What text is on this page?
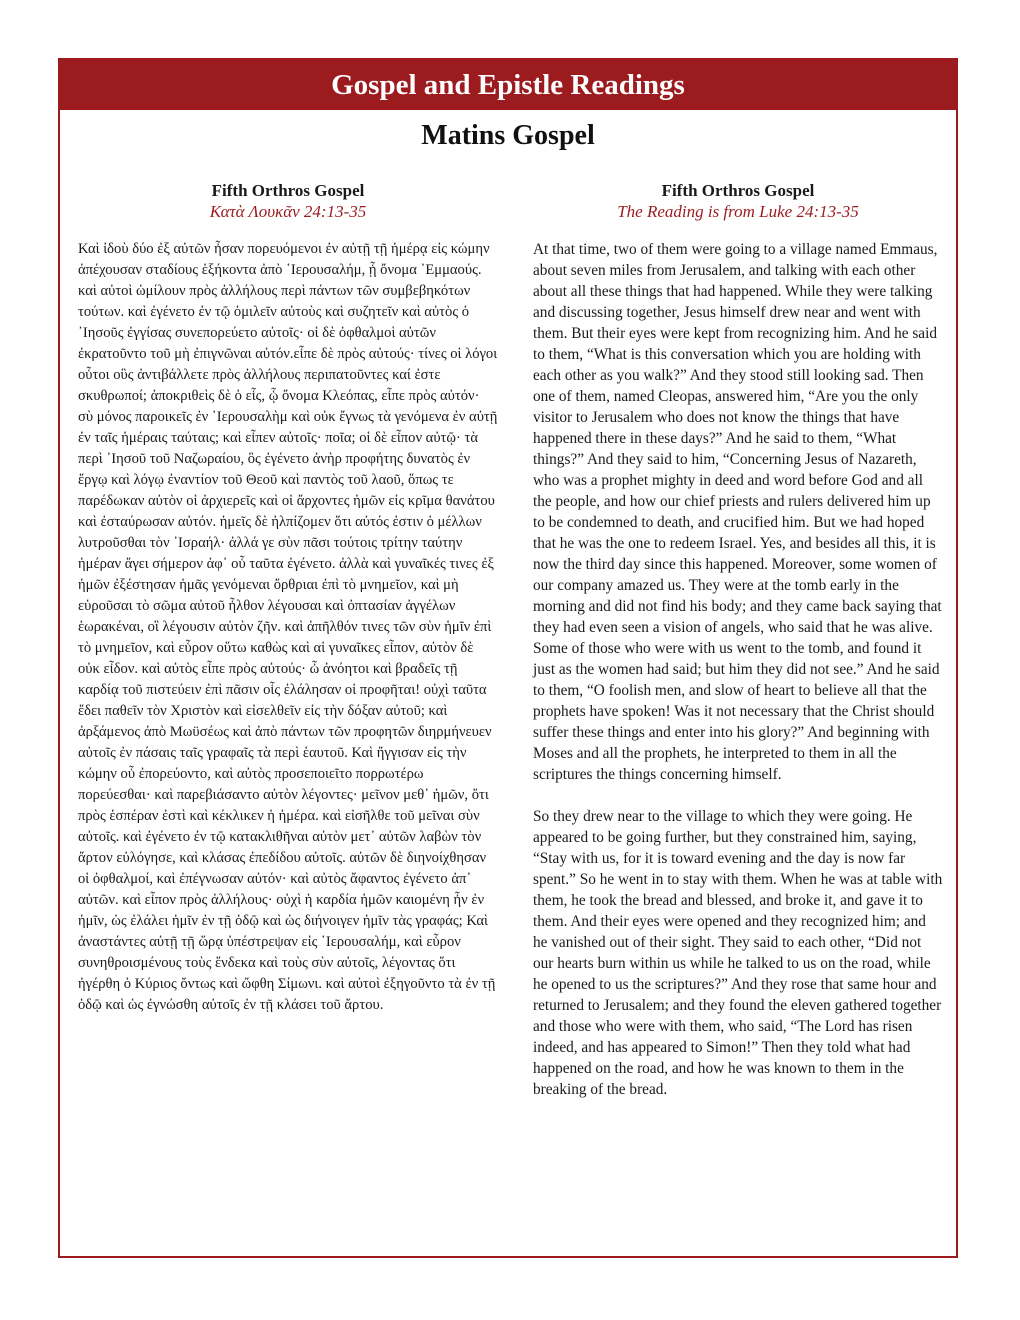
Gospel and Epistle Readings
Matins Gospel
Fifth Orthros Gospel
Κατὰ Λουκᾶν 24:13-35

Καὶ ἰδοὺ δύο ἐξ αὐτῶν ἦσαν πορευόμενοι ἐν αὐτῇ τῇ ἡμέρᾳ εἰς κώμην ἀπέχουσαν σταδίους ἑξήκοντα ἀπὸ ῾Ιερουσαλήμ, ᾗ ὄνομα ᾿Εμμαούς. καὶ αὐτοὶ ὡμίλουν πρὸς ἀλλήλους περὶ πάντων τῶν συμβεβηκότων τούτων. καὶ ἐγένετο ἐν τῷ ὁμιλεῖν αὐτοὺς καὶ συζητεῖν καὶ αὐτὸς ὁ ᾿Ιησοῦς ἐγγίσας συνεπορεύετο αὐτοῖς· οἱ δὲ ὀφθαλμοὶ αὐτῶν ἐκρατοῦντο τοῦ μὴ ἐπιγνῶναι αὐτόν.εἶπε δὲ πρὸς αὐτούς· τίνες οἱ λόγοι οὗτοι οὓς ἀντιβάλλετε πρὸς ἀλλήλους περιπατοῦντες καί ἐστε σκυθρωποί; ἀποκριθεὶς δὲ ὁ εἷς, ᾧ ὄνομα Κλεόπας, εἶπε πρὸς αὐτόν· σὺ μόνος παροικεῖς ἐν ῾Ιερουσαλὴμ καὶ οὐκ ἔγνως τὰ γενόμενα ἐν αὐτῇ ἐν ταῖς ἡμέραις ταύταις; καὶ εἶπεν αὐτοῖς· ποῖα; οἱ δὲ εἶπον αὐτῷ· τὰ περὶ ᾿Ιησοῦ τοῦ Ναζωραίου, ὃς ἐγένετο ἀνὴρ προφήτης δυνατὸς ἐν ἔργῳ καὶ λόγῳ ἐναντίον τοῦ Θεοῦ καὶ παντὸς τοῦ λαοῦ, ὅπως τε παρέδωκαν αὐτὸν οἱ ἀρχιερεῖς καὶ οἱ ἄρχοντες ἡμῶν εἰς κρῖμα θανάτου καὶ ἐσταύρωσαν αὐτόν. ἡμεῖς δὲ ἠλπίζομεν ὅτι αὐτός ἐστιν ὁ μέλλων λυτροῦσθαι τὸν ᾿Ισραήλ· ἀλλά γε σὺν πᾶσι τούτοις τρίτην ταύτην ἡμέραν ἄγει σήμερον ἀφ᾿ οὗ ταῦτα ἐγένετο. ἀλλὰ καὶ γυναῖκές τινες ἐξ ἡμῶν ἐξέστησαν ἡμᾶς γενόμεναι ὄρθριαι ἐπὶ τὸ μνημεῖον, καὶ μὴ εὑροῦσαι τὸ σῶμα αὐτοῦ ἦλθον λέγουσαι καὶ ὀπτασίαν ἀγγέλων ἑωρακέναι, οἳ λέγουσιν αὐτὸν ζῆν. καὶ ἀπῆλθόν τινες τῶν σὺν ἡμῖν ἐπὶ τὸ μνημεῖον, καὶ εὗρον οὕτω καθὼς καὶ αἱ γυναῖκες εἶπον, αὐτὸν δὲ οὐκ εἶδον. καὶ αὐτὸς εἶπε πρὸς αὐτούς· ὦ ἀνόητοι καὶ βραδεῖς τῇ καρδίᾳ τοῦ πιστεύειν ἐπὶ πᾶσιν οἷς ἐλάλησαν οἱ προφῆται! οὐχὶ ταῦτα ἔδει παθεῖν τὸν Χριστὸν καὶ εἰσελθεῖν εἰς τὴν δόξαν αὐτοῦ; καὶ ἀρξάμενος ἀπὸ Μωϋσέως καὶ ἀπὸ πάντων τῶν προφητῶν διηρμήνευεν αὐτοῖς ἐν πάσαις ταῖς γραφαῖς τὰ περὶ ἑαυτοῦ. Καὶ ἤγγισαν εἰς τὴν κώμην οὗ ἐπορεύοντο, καὶ αὐτὸς προσεποιεῖτο πορρωτέρω πορεύεσθαι· καὶ παρεβιάσαντο αὐτὸν λέγοντες· μεῖνον μεθ᾿ ἡμῶν, ὅτι πρὸς ἑσπέραν ἐστὶ καὶ κέκλικεν ἡ ἡμέρα. καὶ εἰσῆλθε τοῦ μεῖναι σὺν αὐτοῖς. καὶ ἐγένετο ἐν τῷ κατακλιθῆναι αὐτὸν μετ᾿ αὐτῶν λαβὼν τὸν ἄρτον εὐλόγησε, καὶ κλάσας ἐπεδίδου αὐτοῖς. αὐτῶν δὲ διηνοίχθησαν οἱ ὀφθαλμοί, καὶ ἐπέγνωσαν αὐτόν· καὶ αὐτὸς ἄφαντος ἐγένετο ἀπ᾿ αὐτῶν. καὶ εἶπον πρὸς ἀλλήλους· οὐχὶ ἡ καρδία ἡμῶν καιομένη ἦν ἐν ἡμῖν, ὡς ἐλάλει ἡμῖν ἐν τῇ ὁδῷ καὶ ὡς διήνοιγεν ἡμῖν τὰς γραφάς; Καὶ ἀναστάντες αὐτῇ τῇ ὥρᾳ ὑπέστρεψαν εἰς ῾Ιερουσαλήμ, καὶ εὗρον συνηθροισμένους τοὺς ἕνδεκα καὶ τοὺς σὺν αὐτοῖς, λέγοντας ὅτι ἠγέρθη ὁ Κύριος ὄντως καὶ ὤφθη Σίμωνι. καὶ αὐτοὶ ἐξηγοῦντο τὰ ἐν τῇ ὁδῷ καὶ ὡς ἐγνώσθη αὐτοῖς ἐν τῇ κλάσει τοῦ ἄρτου.

Fifth Orthros Gospel
The Reading is from Luke 24:13-35

At that time, two of them were going to a village named Emmaus, about seven miles from Jerusalem, and talking with each other about all these things that had happened. While they were talking and discussing together, Jesus himself drew near and went with them. But their eyes were kept from recognizing him. And he said to them, “What is this conversation which you are holding with each other as you walk?” And they stood still looking sad. Then one of them, named Cleopas, answered him, “Are you the only visitor to Jerusalem who does not know the things that have happened there in these days?” And he said to them, “What things?” And they said to him, “Concerning Jesus of Nazareth, who was a prophet mighty in deed and word before God and all the people, and how our chief priests and rulers delivered him up to be condemned to death, and crucified him. But we had hoped that he was the one to redeem Israel. Yes, and besides all this, it is now the third day since this happened. Moreover, some women of our company amazed us. They were at the tomb early in the morning and did not find his body; and they came back saying that they had even seen a vision of angels, who said that he was alive. Some of those who were with us went to the tomb, and found it just as the women had said; but him they did not see.” And he said to them, “O foolish men, and slow of heart to believe all that the prophets have spoken! Was it not necessary that the Christ should suffer these things and enter into his glory?” And beginning with Moses and all the prophets, he interpreted to them in all the scriptures the things concerning himself.

So they drew near to the village to which they were going. He appeared to be going further, but they constrained him, saying, “Stay with us, for it is toward evening and the day is now far spent.” So he went in to stay with them. When he was at table with them, he took the bread and blessed, and broke it, and gave it to them. And their eyes were opened and they recognized him; and he vanished out of their sight. They said to each other, “Did not our hearts burn within us while he talked to us on the road, while he opened to us the scriptures?” And they rose that same hour and returned to Jerusalem; and they found the eleven gathered together and those who were with them, who said, “The Lord has risen indeed, and has appeared to Simon!” Then they told what had happened on the road, and how he was known to them in the breaking of the bread.
